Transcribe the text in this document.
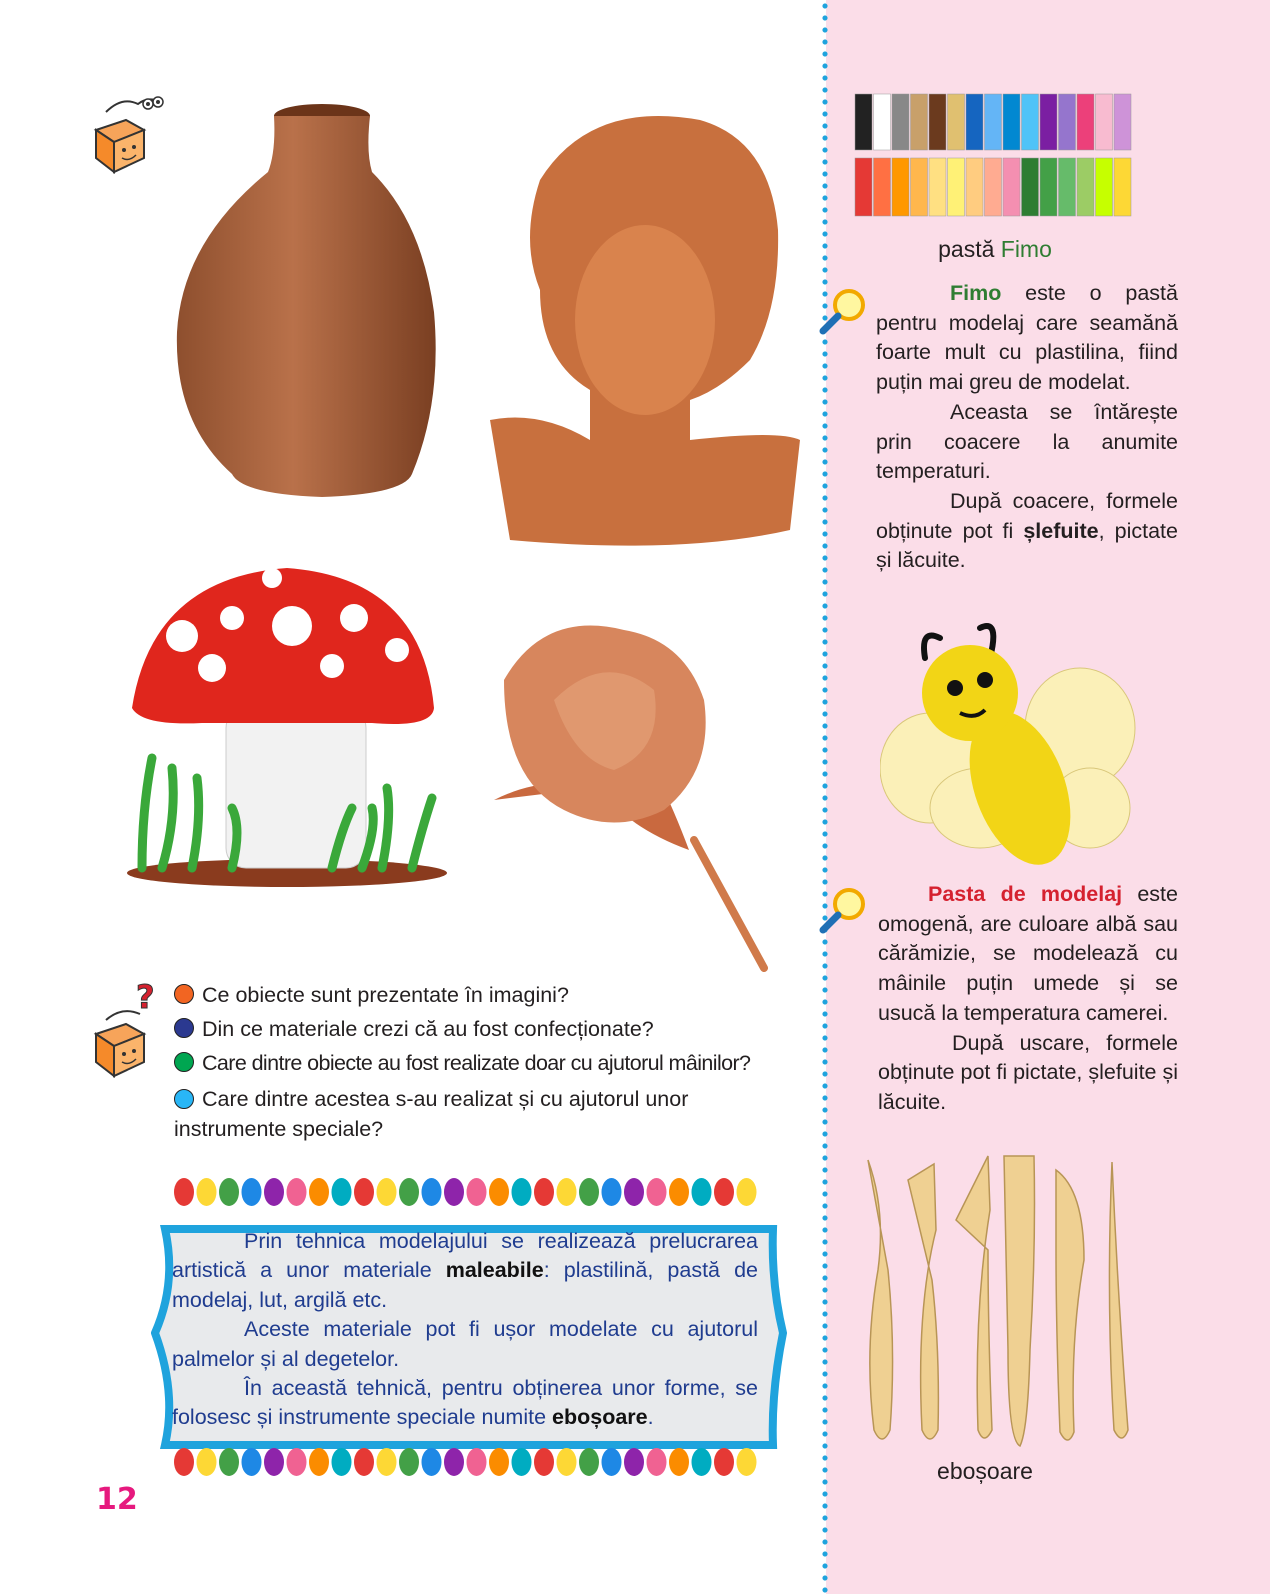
?
pastă Fimo
Fimo este o pastă pentru modelaj care seamănă foarte mult cu plastilina, fiind puțin mai greu de modelat.
Aceasta se întărește prin coacere la anumite temperaturi.
După coacere, formele obținute pot fi șlefuite, pictate și lăcuite.
Pasta de modelaj este omogenă, are culoare albă sau cărămizie, se modelează cu mâinile puțin umede și se usucă la temperatura camerei.
După uscare, formele obținute pot fi pictate, șlefuite și lăcuite.
eboșoare
Ce obiecte sunt prezentate în imagini?
Din ce materiale crezi că au fost confecționate?
Care dintre obiecte au fost realizate doar cu ajutorul mâinilor?
Care dintre acestea s-au realizat și cu ajutorul unor instrumente speciale?
Prin tehnica modelajului se realizează prelucrarea artistică a unor materiale maleabile: plastilină, pastă de modelaj, lut, argilă etc.
Aceste materiale pot fi ușor modelate cu ajutorul palmelor și al degetelor.
În această tehnică, pentru obținerea unor forme, se folosesc și instrumente speciale numite eboșoare.
12
